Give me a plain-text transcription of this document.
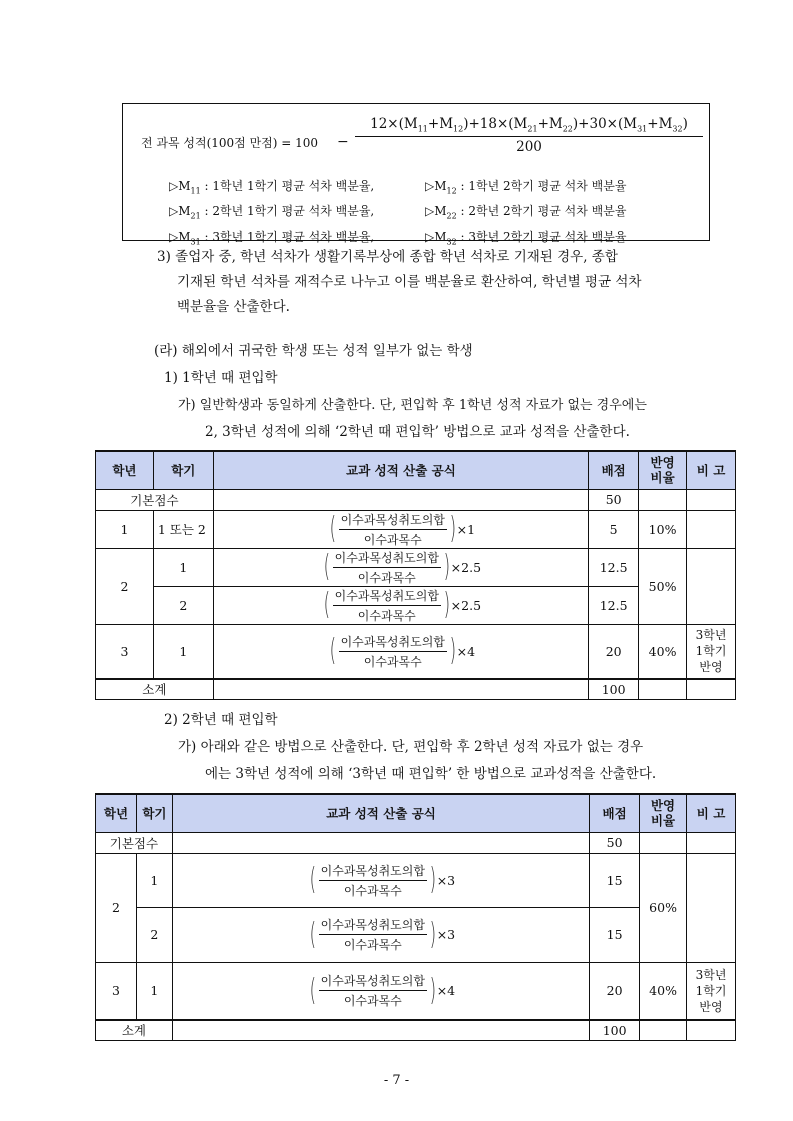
전 과목 성적(100점 만점) = $100 - \frac{12\times(M_{11}+M_{12})+18\times(M_{21}+M_{22})+30\times(M_{31}+M_{32})}{200}$
$▷M_{11}$ : 1학년 1학기 평균 석차 백분율,	$▷M_{12}$ : 1학년 2학기 평균 석차 백분율
$▷M_{21}$ : 2학년 1학기 평균 석차 백분율,	$▷M_{22}$ : 2학년 2학기 평균 석차 백분율
$▷M_{31}$ : 3학년 1학기 평균 석차 백분율,	$▷M_{32}$ : 3학년 2학기 평균 석차 백분율
3) 졸업자 중, 학년 석차가 생활기록부상에 종합 학년 석차로 기재된 경우, 종합
기재된 학년 석차를 재적수로 나누고 이를 백분율로 환산하여, 학년별 평균 석차
백분율을 산출한다.
(라) 해외에서 귀국한 학생 또는 성적 일부가 없는 학생
1) 1학년 때 편입학
가) 일반학생과 동일하게 산출한다. 단, 편입학 후 1학년 성적 자료가 없는 경우에는
2, 3학년 성적에 의해 ‘2학년 때 편입학’ 방법으로 교과 성적을 산출한다.
학년	학기	교과 성적 산출 공식	배점	반영
비율	비 고
기본점수			50		
1	1 또는 2	( $\frac{\text{이수과목성취도의합}}{\text{이수과목수}}$ ) ×1	5	10%	
2	1	( $\frac{\text{이수과목성취도의합}}{\text{이수과목수}}$ ) ×2.5	12.5	50%	
	2	( $\frac{\text{이수과목성취도의합}}{\text{이수과목수}}$ ) ×2.5	12.5		
3	1	( $\frac{\text{이수과목성취도의합}}{\text{이수과목수}}$ ) ×4	20	40%	3학년
1학기
반영
소계			100		
2) 2학년 때 편입학
가) 아래와 같은 방법으로 산출한다. 단, 편입학 후 2학년 성적 자료가 없는 경우
에는 3학년 성적에 의해 ‘3학년 때 편입학’ 한 방법으로 교과성적을 산출한다.
학년	학기	교과 성적 산출 공식	배점	반영
비율	비 고
기본점수			50		
2	1	( $\frac{\text{이수과목성취도의합}}{\text{이수과목수}}$ ) ×3	15	60%	
	2	( $\frac{\text{이수과목성취도의합}}{\text{이수과목수}}$ ) ×3	15		
3	1	( $\frac{\text{이수과목성취도의합}}{\text{이수과목수}}$ ) ×4	20	40%	3학년
1학기
반영
소계			100		
- 7 -
